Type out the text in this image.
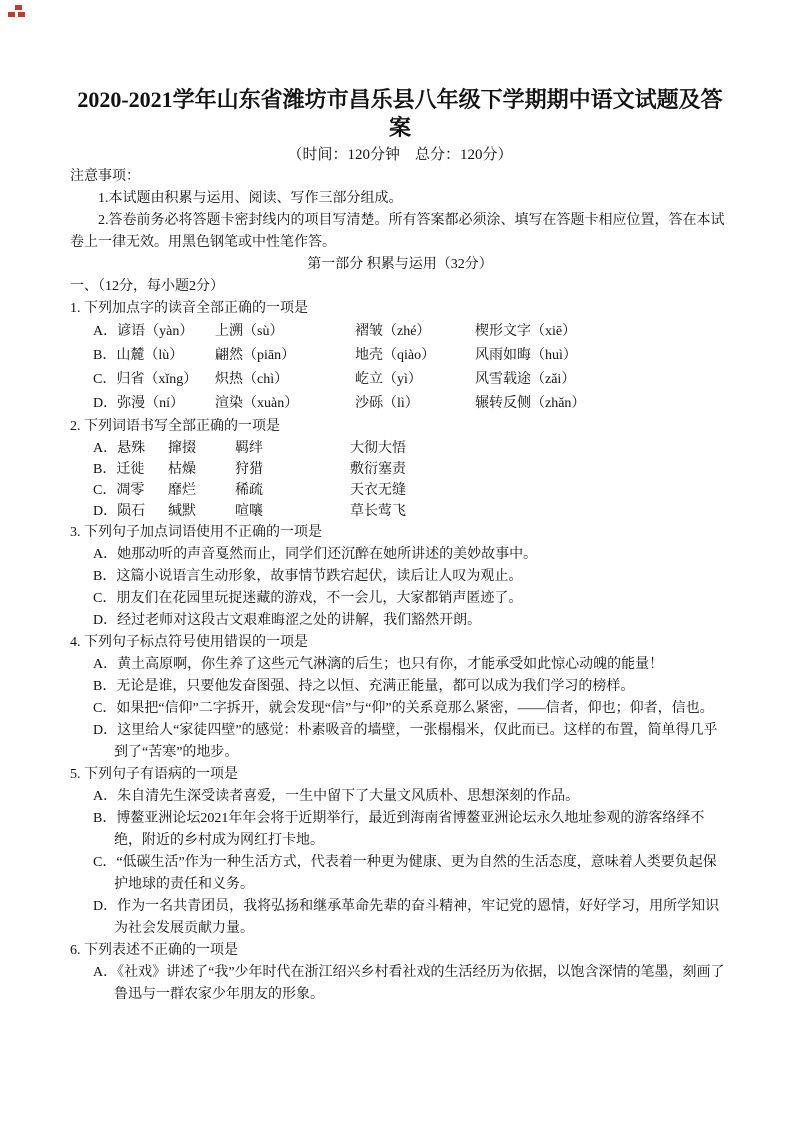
2020-2021学年山东省潍坊市昌乐县八年级下学期期中语文试题及答案

（时间：120分钟　总分：120分）

注意事项：

1.本试题由积累与运用、阅读、写作三部分组成。

2.答卷前务必将答题卡密封线内的项目写清楚。所有答案都必须涂、填写在答题卡相应位置，答在本试卷上一律无效。用黑色钢笔或中性笔作答。

第一部分 积累与运用（32分）

一、（12分，每小题2分）

1. 下列加点字的读音全部正确的一项是

A．谚语（yàn）	上溯（sù）	褶皱（zhé）	楔形文字（xiē）
B．山麓（lù）	翩然（piān）	地壳（qiào）	风雨如晦（huì）
C．归省（xǐng）	炽热（chì）	屹立（yì）	风雪载途（zǎi）
D．弥漫（ní）	渲染（xuàn）	沙砾（lì）	辗转反侧（zhǎn）

2. 下列词语书写全部正确的一项是

A．悬殊	撺掇	羁绊	大彻大悟
B．迁徙	枯燥	狩猎	敷衍塞责
C．凋零	靡烂	稀疏	天衣无缝
D．陨石	缄默	喧嚷	草长莺飞

3. 下列句子加点词语使用不正确的一项是

A．她那动听的声音戛然而止，同学们还沉醉在她所讲述的美妙故事中。

B．这篇小说语言生动形象，故事情节跌宕起伏，读后让人叹为观止。

C．朋友们在花园里玩捉迷藏的游戏，不一会儿，大家都销声匿迹了。

D．经过老师对这段古文艰难晦涩之处的讲解，我们豁然开朗。

4. 下列句子标点符号使用错误的一项是

A．黄土高原啊，你生养了这些元气淋漓的后生；也只有你，才能承受如此惊心动魄的能量！

B．无论是谁，只要他发奋图强、持之以恒、充满正能量，都可以成为我们学习的榜样。

C．如果把“信仰”二字拆开，就会发现“信”与“仰”的关系竟那么紧密，——信者，仰也；仰者，信也。

D．这里给人“家徒四壁”的感觉：朴素吸音的墙壁，一张榻榻米，仅此而已。这样的布置，简单得几乎到了“苦寒”的地步。

5. 下列句子有语病的一项是

A．朱自清先生深受读者喜爱，一生中留下了大量文风质朴、思想深刻的作品。

B．博鳌亚洲论坛2021年年会将于近期举行，最近到海南省博鳌亚洲论坛永久地址参观的游客络绎不绝，附近的乡村成为网红打卡地。

C．“低碳生活”作为一种生活方式，代表着一种更为健康、更为自然的生活态度，意味着人类要负起保护地球的责任和义务。

D．作为一名共青团员，我将弘扬和继承革命先辈的奋斗精神，牢记党的恩情，好好学习，用所学知识为社会发展贡献力量。

6. 下列表述不正确的一项是

A．《社戏》讲述了“我”少年时代在浙江绍兴乡村看社戏的生活经历为依据，以饱含深情的笔墨，刻画了鲁迅与一群农家少年朋友的形象。
